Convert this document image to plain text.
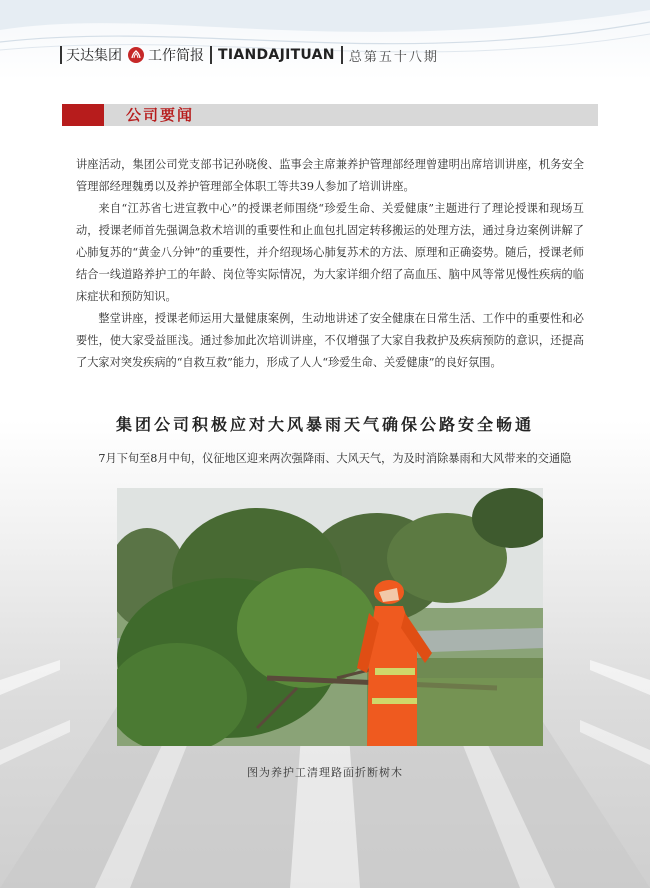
天达集团 工作简报 TIANDAJITUAN 总第五十八期
公司要闻

讲座活动，集团公司党支部书记孙晓俊、监事会主席兼养护管理部经理曾建明出席培训讲座，机务安全管理部经理魏勇以及养护管理部全体职工等共39人参加了培训讲座。

来自“江苏省七进宣教中心”的授课老师围绕“珍爱生命、关爱健康”主题进行了理论授课和现场互动，授课老师首先强调急救术培训的重要性和止血包扎固定转移搬运的处理方法，通过身边案例讲解了心肺复苏的“黄金八分钟”的重要性，并介绍现场心肺复苏术的方法、原理和正确姿势。随后，授课老师结合一线道路养护工的年龄、岗位等实际情况，为大家详细介绍了高血压、脑中风等常见慢性疾病的临床症状和预防知识。

整堂讲座，授课老师运用大量健康案例，生动地讲述了安全健康在日常生活、工作中的重要性和必要性，使大家受益匪浅。通过参加此次培训讲座，不仅增强了大家自我救护及疾病预防的意识，还提高了大家对突发疾病的“自救互救”能力，形成了人人“珍爱生命、关爱健康”的良好氛围。

集团公司积极应对大风暴雨天气确保公路安全畅通

7月下旬至8月中旬，仪征地区迎来两次强降雨、大风天气，为及时消除暴雨和大风带来的交通隐

图为养护工清理路面折断树木
